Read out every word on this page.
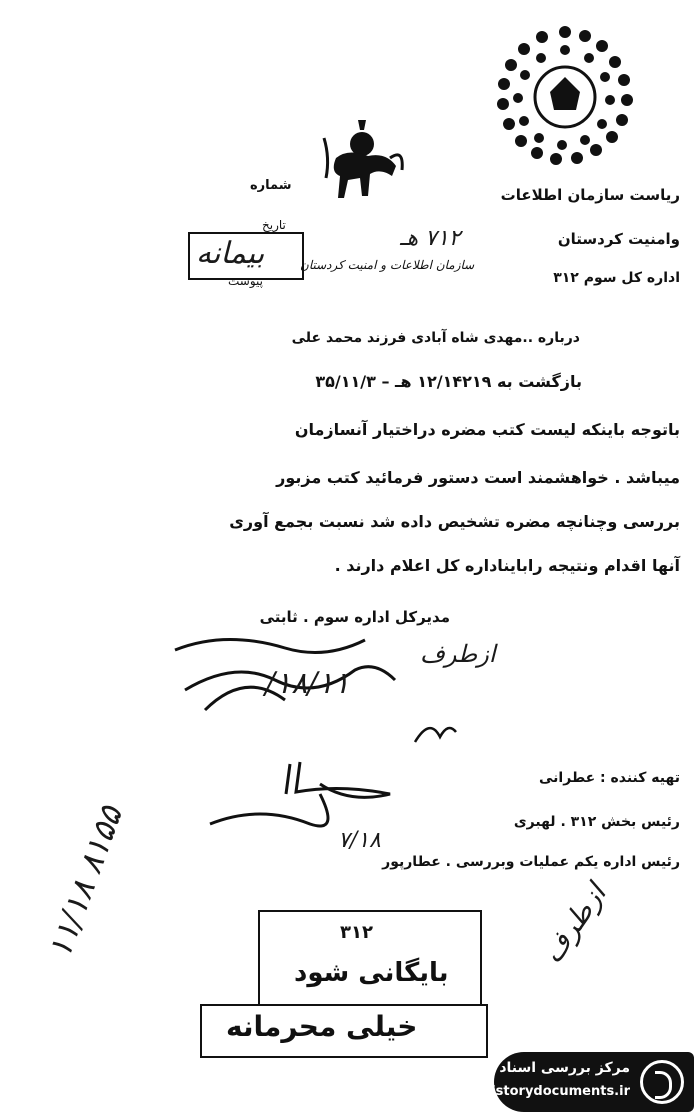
ریاست سازمان اطلاعات
وامنیت کردستان
اداره کل سوم ۳۱۲
شماره
تاریخ
پیوست
بیمانه	۷۱۲ هـ
سازمان اطلاعات و امنیت کردستان
درباره ..مهدی شاه آبادی فرزند محمد علی
بازگشت به ۱۲/۱۴۲۱۹ هـ – ۳۵/۱۱/۳
باتوجه باینکه لیست کتب مضره دراختیار آنسازمان
میباشد . خواهشمند است دستور فرمائید کتب مزبور
بررسی وچنانچه مضره تشخیص داده شد نسبت بجمع آوری
آنها اقدام ونتیجه رابایناداره کل اعلام دارند .
مدیرکل اداره سوم . ثابتی
ازطرف
۱۸/۱۱/
تهیه کننده : عطرانی
رئیس بخش ۳۱۲ . لهبری
رئیس اداره یکم عملیات وبررسی . عطارپور
۷/۱۸
۳۱۲
بایگانی شود
خیلی محرمانه
۸۱۵۵ ۱۱/۱۸
ازطرف
مرکز بررسی اسناد تاریخی
historydocuments.ir
